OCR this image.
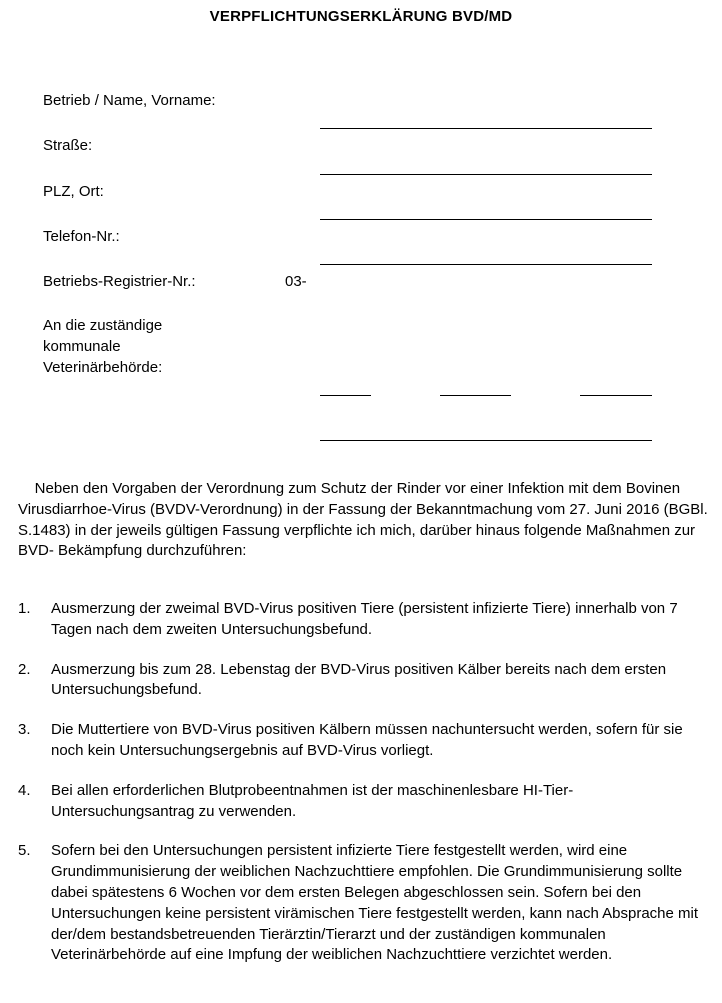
VERPFLICHTUNGSERKLÄRUNG BVD/MD
Betrieb / Name, Vorname:
Straße:
PLZ, Ort:
Telefon-Nr.:
Betriebs-Registrier-Nr.:	03-
An die zuständige
kommunale
Veterinärbehörde:
Neben den Vorgaben der Verordnung zum Schutz der Rinder vor einer Infektion mit dem Bovinen Virusdiarrhoe-Virus (BVDV-Verordnung) in der Fassung der Bekanntmachung vom 27. Juni 2016 (BGBl. S.1483) in der jeweils gültigen Fassung verpflichte ich mich, darüber hinaus folgende Maßnahmen zur BVD- Bekämpfung durchzuführen:
1.	Ausmerzung der zweimal BVD-Virus positiven Tiere (persistent infizierte Tiere) innerhalb von 7 Tagen nach dem zweiten Untersuchungsbefund.
2.	Ausmerzung bis zum 28. Lebenstag der BVD-Virus positiven Kälber bereits nach dem ersten Untersuchungsbefund.
3.	Die Muttertiere von BVD-Virus positiven Kälbern müssen nachuntersucht werden, sofern für sie noch kein Untersuchungsergebnis auf BVD-Virus vorliegt.
4.	Bei allen erforderlichen Blutprobeentnahmen ist der maschinenlesbare HI-Tier-Untersuchungsantrag zu verwenden.
5.	Sofern bei den Untersuchungen persistent infizierte Tiere festgestellt werden, wird eine Grundimmunisierung der weiblichen Nachzuchttiere empfohlen. Die Grundimmunisierung sollte dabei spätestens 6 Wochen vor dem ersten Belegen abgeschlossen sein. Sofern bei den Untersuchungen keine persistent virämischen Tiere festgestellt werden, kann nach Absprache mit der/dem bestandsbetreuenden Tierärztin/Tierarzt und der zuständigen kommunalen Veterinärbehörde auf eine Impfung der weiblichen Nachzuchttiere verzichtet werden.
